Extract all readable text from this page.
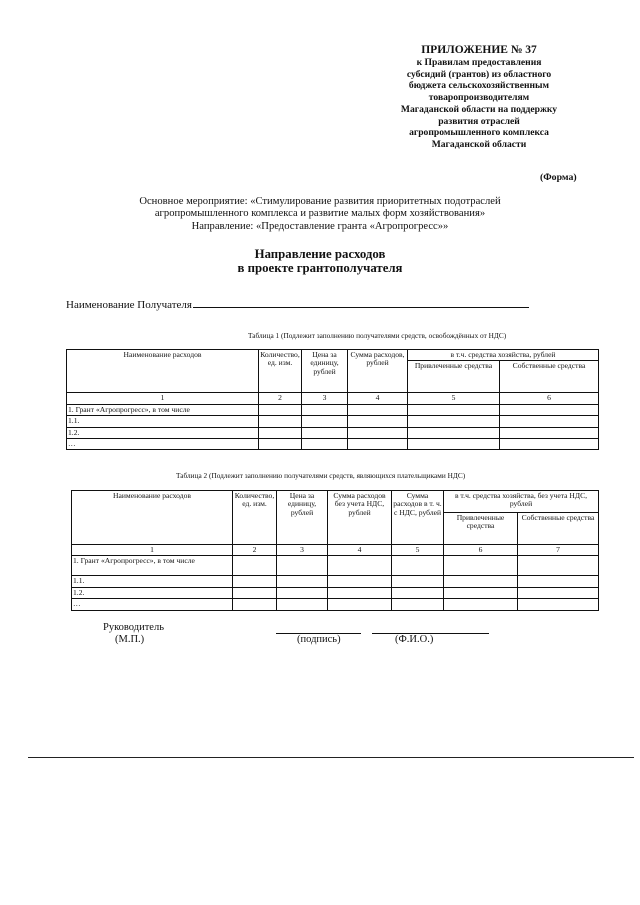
ПРИЛОЖЕНИЕ № 37
к Правилам предоставления
субсидий (грантов) из областного
бюджета сельскохозяйственным
товаропроизводителям
Магаданской области на поддержку
развития отраслей
агропромышленного комплекса
Магаданской области
(Форма)
Основное мероприятие: «Стимулирование развития приоритетных подотраслей
агропромышленного комплекса и развитие малых форм хозяйствования»
Направление: «Предоставление гранта «Агропрогресс»»
Направление расходов
в проекте грантополучателя
Наименование Получателя
Таблица 1 (Подлежит заполнению получателями средств, освобождённых от НДС)
Наименование расходов	Количество, ед. изм.	Цена за единицу, рублей	Сумма расходов, рублей	в т.ч. средства хозяйства, рублей	
				Привлеченные средства	Собственные средства
1	2	3	4	5	6
1. Грант «Агропрогресс», в том числе					
1.1.					
1.2.					
…					
Таблица 2 (Подлежит заполнению получателями средств, являющихся плательщиками НДС)
Наименование расходов	Количество, ед. изм.	Цена за единицу, рублей	Сумма расходов без учета НДС, рублей	Сумма расходов в т. ч. с НДС, рублей	в т.ч. средства хозяйства, без учета НДС, рублей	
					Привлеченные средства	Собственные средства
1	2	3	4	5	6	7
1. Грант «Агропрогресс», в том числе						
1.1.						
1.2.						
…						
Руководитель
(М.П.)	(подпись)	(Ф.И.О.)
